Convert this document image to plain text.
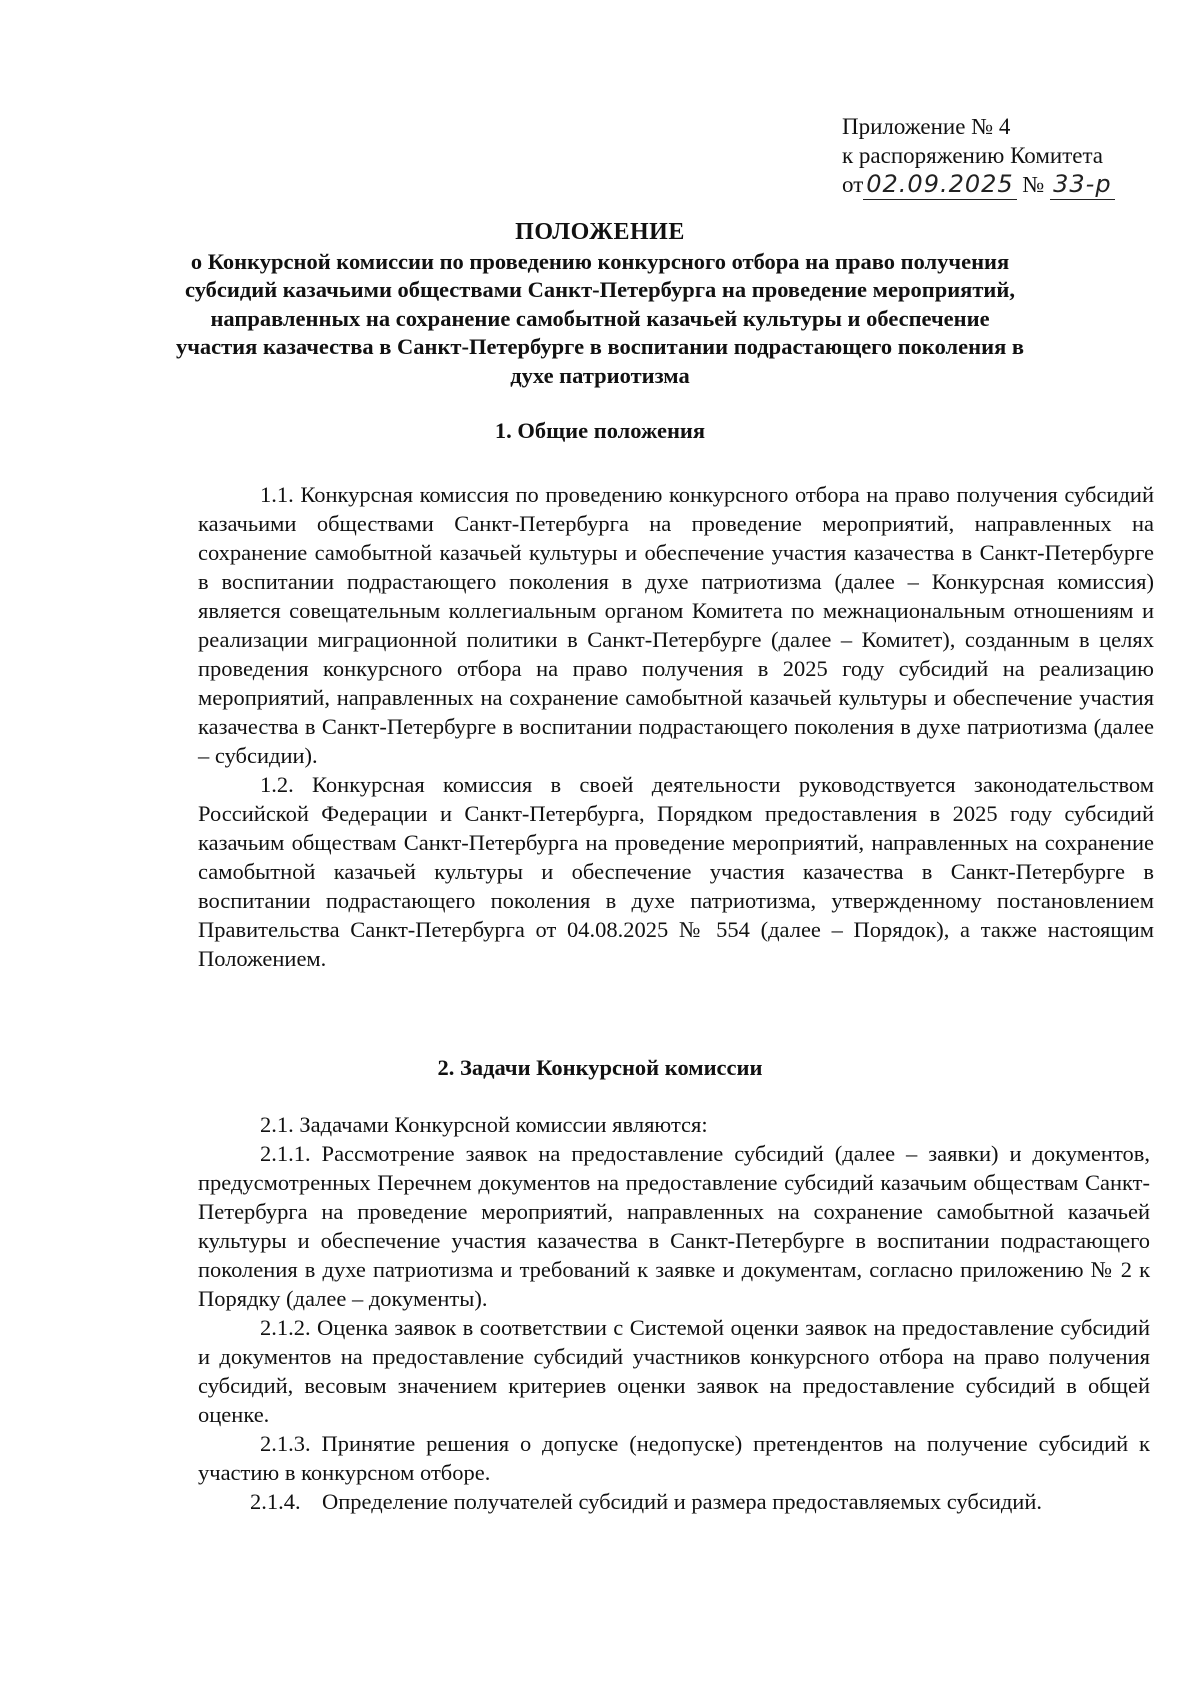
Приложение № 4
к распоряжению Комитета
от 02.09.2025 № 33-р
ПОЛОЖЕНИЕ
о Конкурсной комиссии по проведению конкурсного отбора на право получения субсидий казачьими обществами Санкт-Петербурга на проведение мероприятий, направленных на сохранение самобытной казачьей культуры и обеспечение участия казачества в Санкт-Петербурге в воспитании подрастающего поколения в духе патриотизма
1. Общие положения

1.1. Конкурсная комиссия по проведению конкурсного отбора на право получения субсидий казачьими обществами Санкт-Петербурга на проведение мероприятий, направленных на сохранение самобытной казачьей культуры и обеспечение участия казачества в Санкт-Петербурге в воспитании подрастающего поколения в духе патриотизма (далее – Конкурсная комиссия) является совещательным коллегиальным органом Комитета по межнациональным отношениям и реализации миграционной политики в Санкт-Петербурге (далее – Комитет), созданным в целях проведения конкурсного отбора на право получения в 2025 году субсидий на реализацию мероприятий, направленных на сохранение самобытной казачьей культуры и обеспечение участия казачества в Санкт-Петербурге в воспитании подрастающего поколения в духе патриотизма (далее – субсидии).

1.2. Конкурсная комиссия в своей деятельности руководствуется законодательством Российской Федерации и Санкт-Петербурга, Порядком предоставления в 2025 году субсидий казачьим обществам Санкт-Петербурга на проведение мероприятий, направленных на сохранение самобытной казачьей культуры и обеспечение участия казачества в Санкт-Петербурге в воспитании подрастающего поколения в духе патриотизма, утвержденному постановлением Правительства Санкт-Петербурга от 04.08.2025 № 554 (далее – Порядок), а также настоящим Положением.

2. Задачи Конкурсной комиссии

2.1. Задачами Конкурсной комиссии являются:

2.1.1. Рассмотрение заявок на предоставление субсидий (далее – заявки) и документов, предусмотренных Перечнем документов на предоставление субсидий казачьим обществам Санкт-Петербурга на проведение мероприятий, направленных на сохранение самобытной казачьей культуры и обеспечение участия казачества в Санкт-Петербурге в воспитании подрастающего поколения в духе патриотизма и требований к заявке и документам, согласно приложению № 2 к Порядку (далее – документы).

2.1.2. Оценка заявок в соответствии с Системой оценки заявок на предоставление субсидий и документов на предоставление субсидий участников конкурсного отбора на право получения субсидий, весовым значением критериев оценки заявок на предоставление субсидий в общей оценке.

2.1.3. Принятие решения о допуске (недопуске) претендентов на получение субсидий к участию в конкурсном отборе.

2.1.4. Определение получателей субсидий и размера предоставляемых субсидий.
